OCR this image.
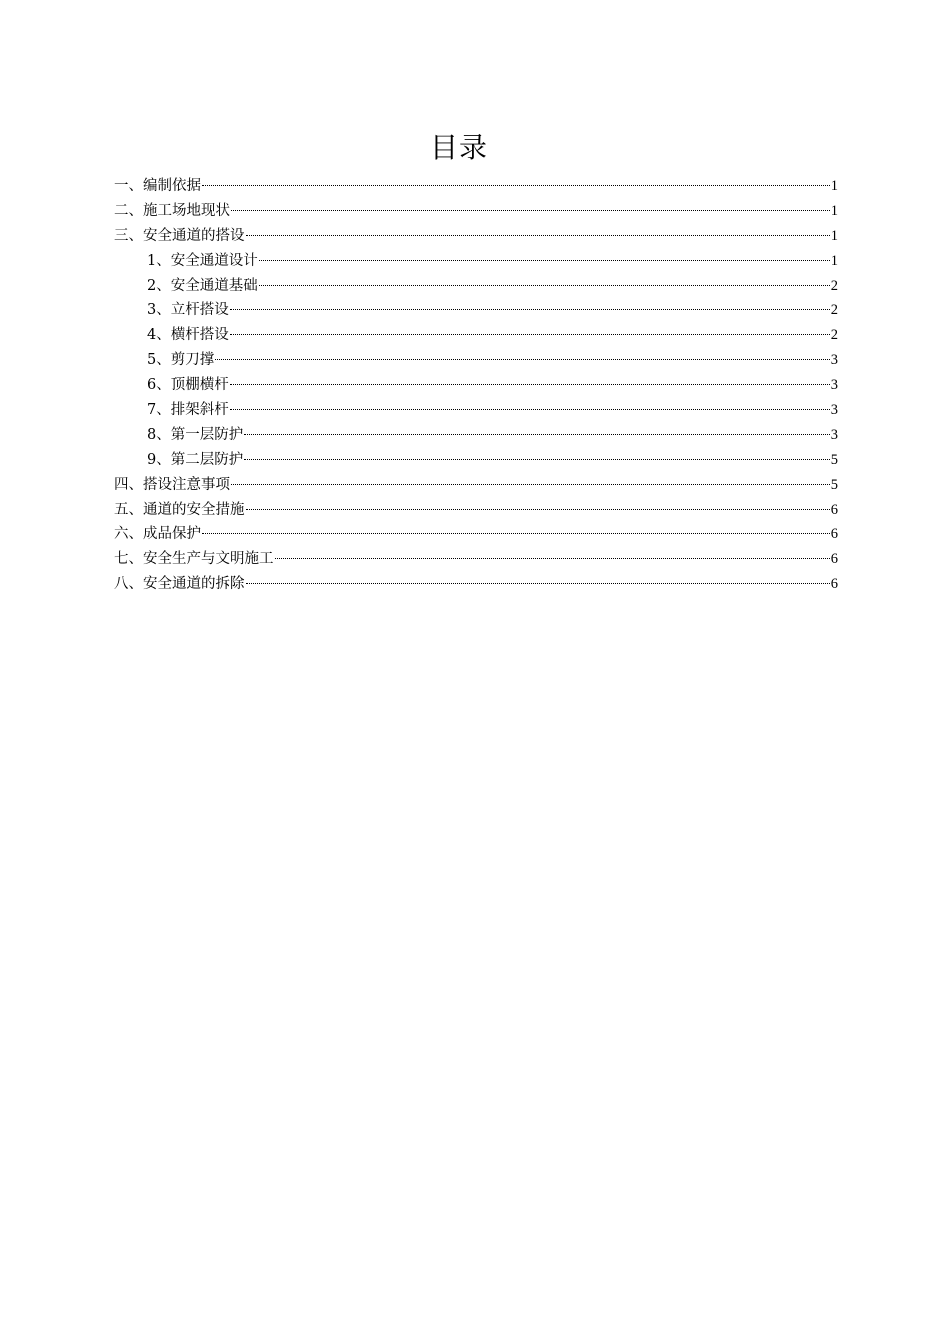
目录
一、编制依据	1
二、施工场地现状	1
三、安全通道的搭设	1
1、安全通道设计	1
2、安全通道基础	2
3、立杆搭设	2
4、横杆搭设	2
5、剪刀撑	3
6、顶棚横杆	3
7、排架斜杆	3
8、第一层防护	3
9、第二层防护	5
四、搭设注意事项	5
五、通道的安全措施	6
六、成品保护	6
七、安全生产与文明施工	6
八、安全通道的拆除	6
